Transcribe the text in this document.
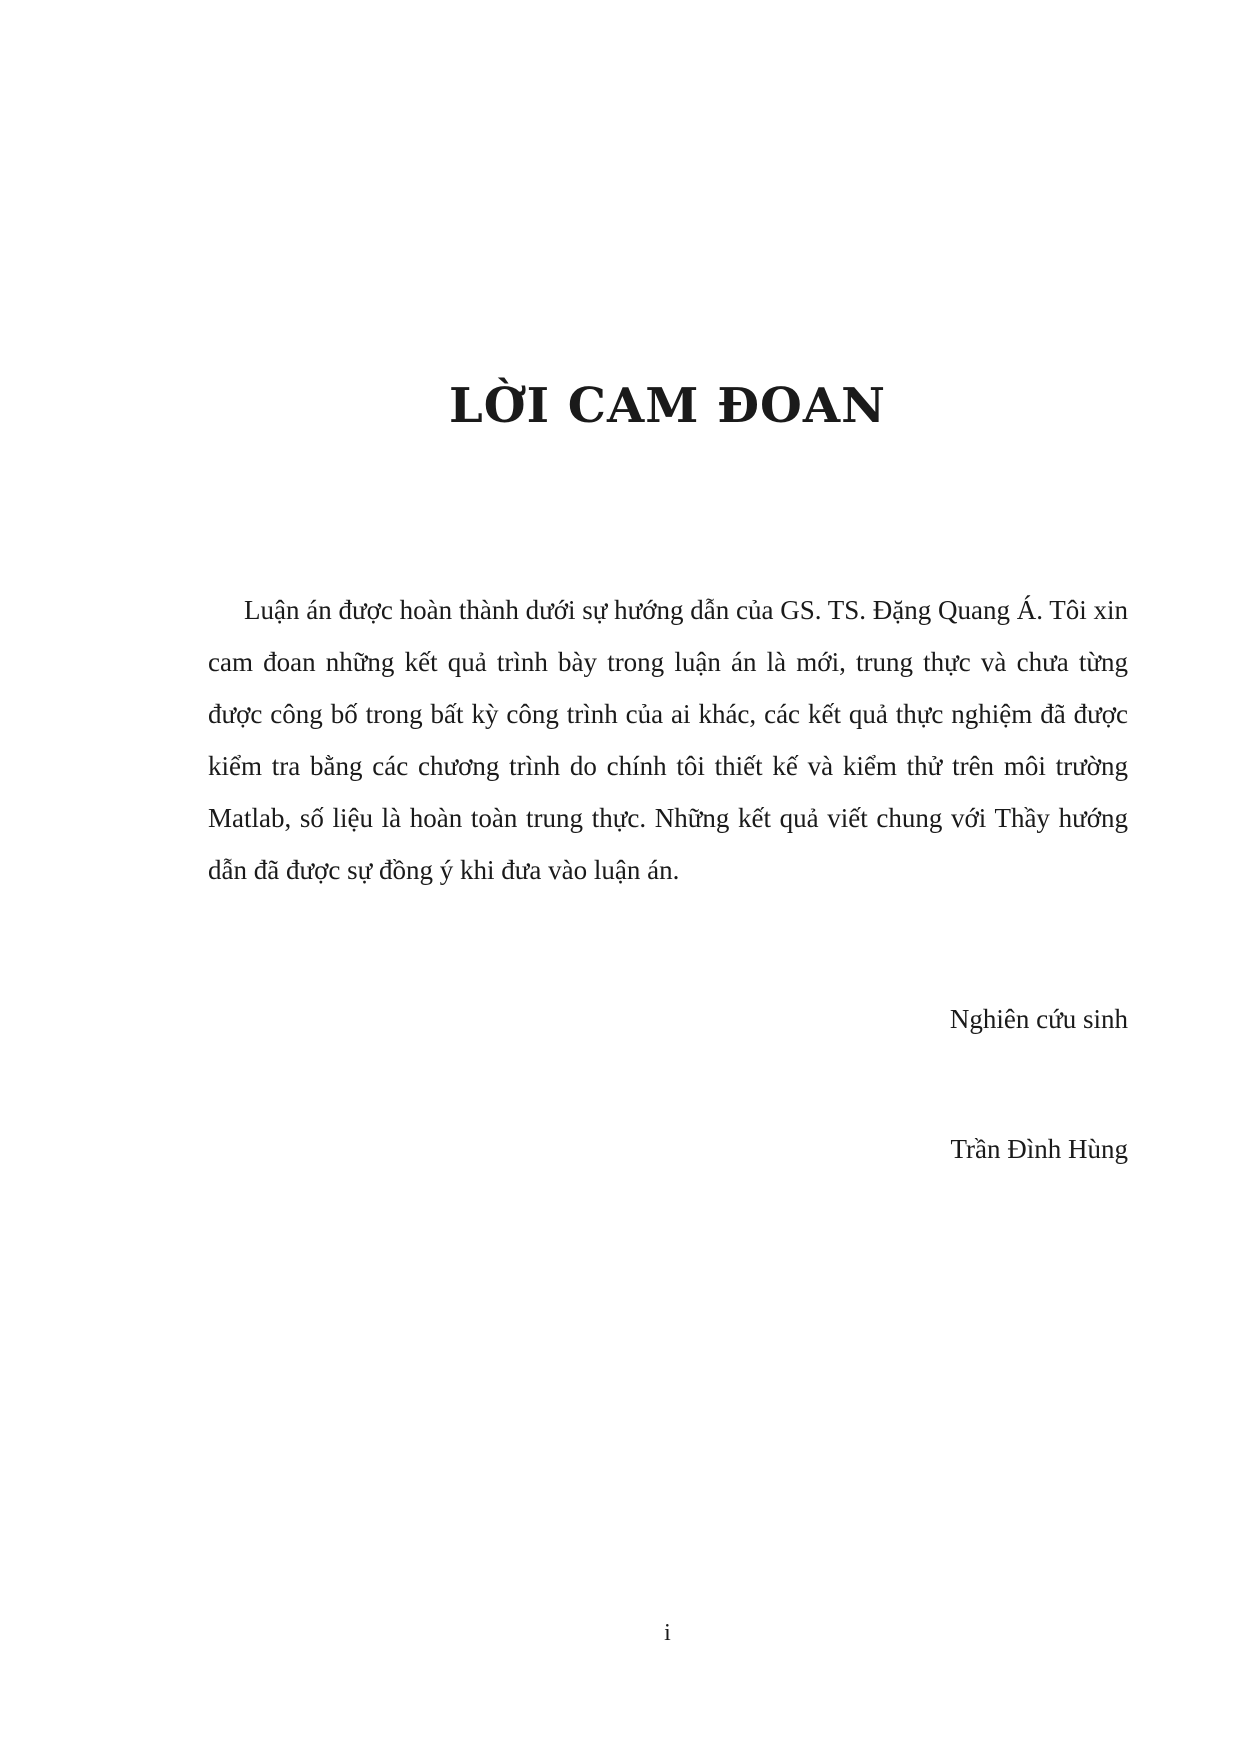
LỜI CAM ĐOAN

Luận án được hoàn thành dưới sự hướng dẫn của GS. TS. Đặng Quang Á. Tôi xin cam đoan những kết quả trình bày trong luận án là mới, trung thực và chưa từng được công bố trong bất kỳ công trình của ai khác, các kết quả thực nghiệm đã được kiểm tra bằng các chương trình do chính tôi thiết kế và kiểm thử trên môi trường Matlab, số liệu là hoàn toàn trung thực. Những kết quả viết chung với Thầy hướng dẫn đã được sự đồng ý khi đưa vào luận án.

Nghiên cứu sinh

Trần Đình Hùng

i
